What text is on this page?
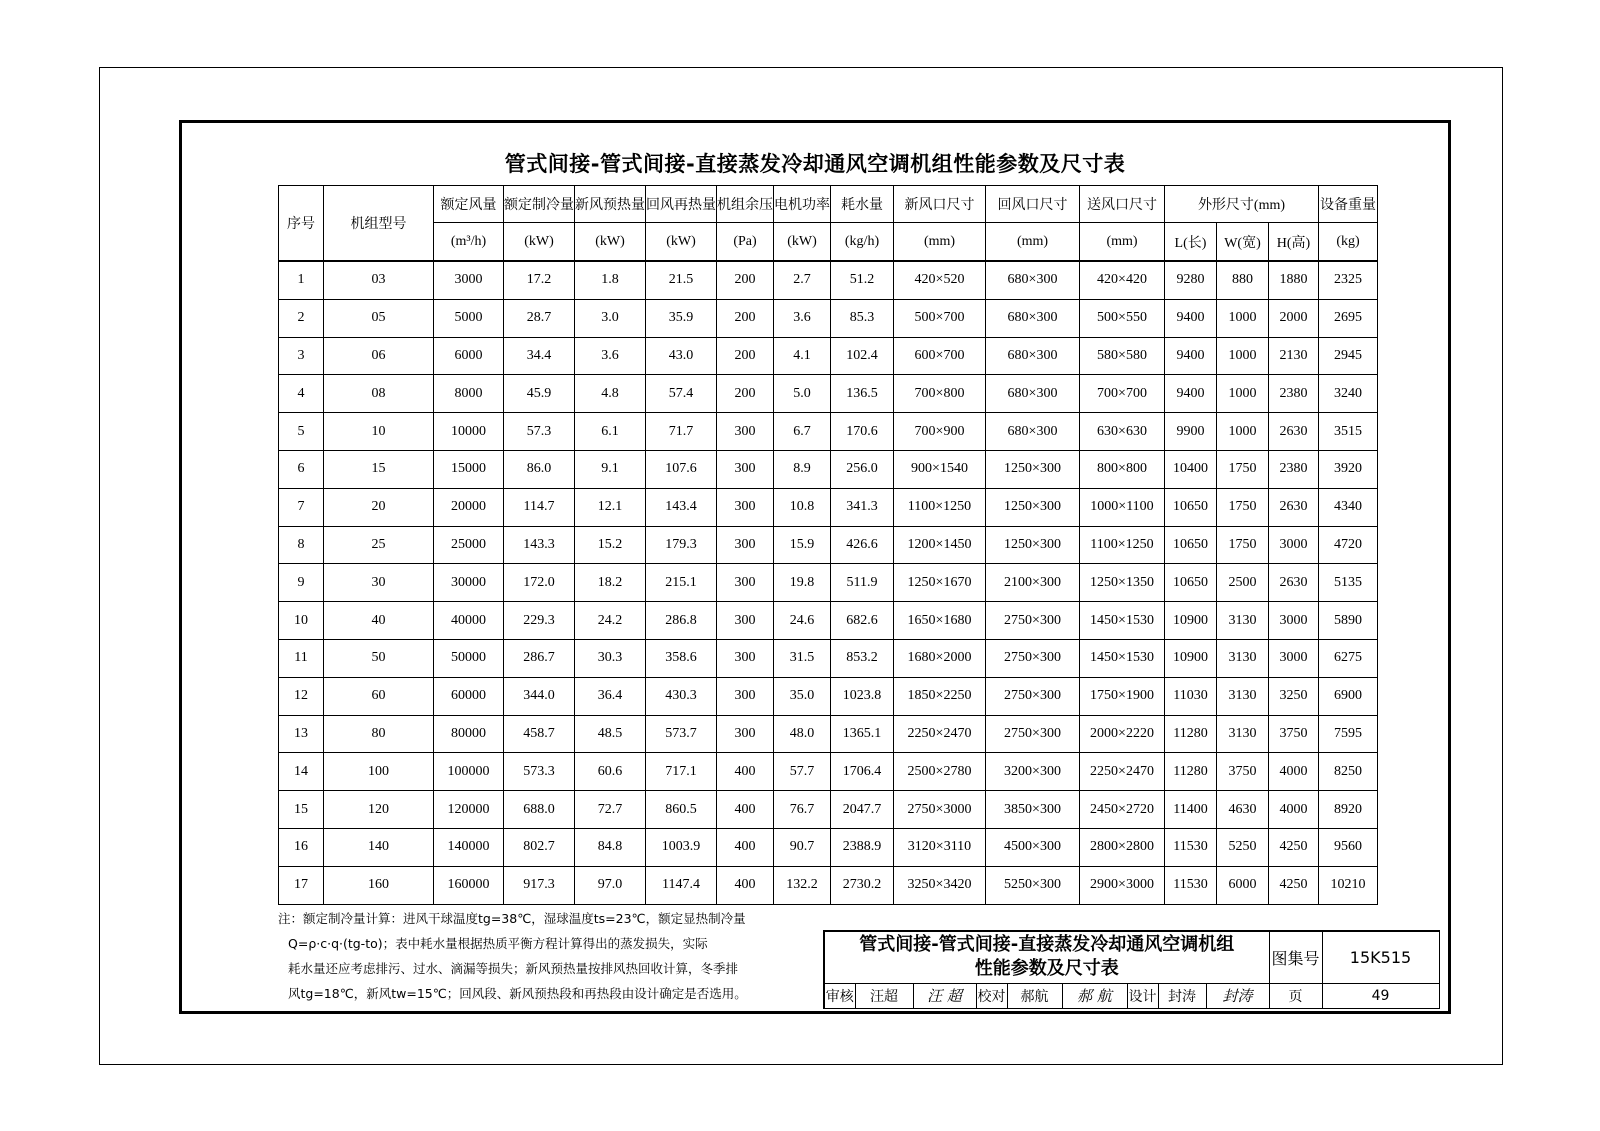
管式间接-管式间接-直接蒸发冷却通风空调机组性能参数及尺寸表
序号	机组型号	额定风量	额定制冷量	新风预热量	回风再热量	机组余压	电机功率	耗水量	新风口尺寸	回风口尺寸	送风口尺寸	外形尺寸(mm)			设备重量
		(m³/h)	(kW)	(kW)	(kW)	(Pa)	(kW)	(kg/h)	(mm)	(mm)	(mm)	L(长)	W(宽)	H(高)	(kg)
1	03	3000	17.2	1.8	21.5	200	2.7	51.2	420×520	680×300	420×420	9280	880	1880	2325
2	05	5000	28.7	3.0	35.9	200	3.6	85.3	500×700	680×300	500×550	9400	1000	2000	2695
3	06	6000	34.4	3.6	43.0	200	4.1	102.4	600×700	680×300	580×580	9400	1000	2130	2945
4	08	8000	45.9	4.8	57.4	200	5.0	136.5	700×800	680×300	700×700	9400	1000	2380	3240
5	10	10000	57.3	6.1	71.7	300	6.7	170.6	700×900	680×300	630×630	9900	1000	2630	3515
6	15	15000	86.0	9.1	107.6	300	8.9	256.0	900×1540	1250×300	800×800	10400	1750	2380	3920
7	20	20000	114.7	12.1	143.4	300	10.8	341.3	1100×1250	1250×300	1000×1100	10650	1750	2630	4340
8	25	25000	143.3	15.2	179.3	300	15.9	426.6	1200×1450	1250×300	1100×1250	10650	1750	3000	4720
9	30	30000	172.0	18.2	215.1	300	19.8	511.9	1250×1670	2100×300	1250×1350	10650	2500	2630	5135
10	40	40000	229.3	24.2	286.8	300	24.6	682.6	1650×1680	2750×300	1450×1530	10900	3130	3000	5890
11	50	50000	286.7	30.3	358.6	300	31.5	853.2	1680×2000	2750×300	1450×1530	10900	3130	3000	6275
12	60	60000	344.0	36.4	430.3	300	35.0	1023.8	1850×2250	2750×300	1750×1900	11030	3130	3250	6900
13	80	80000	458.7	48.5	573.7	300	48.0	1365.1	2250×2470	2750×300	2000×2220	11280	3130	3750	7595
14	100	100000	573.3	60.6	717.1	400	57.7	1706.4	2500×2780	3200×300	2250×2470	11280	3750	4000	8250
15	120	120000	688.0	72.7	860.5	400	76.7	2047.7	2750×3000	3850×300	2450×2720	11400	4630	4000	8920
16	140	140000	802.7	84.8	1003.9	400	90.7	2388.9	3120×3110	4500×300	2800×2800	11530	5250	4250	9560
17	160	160000	917.3	97.0	1147.4	400	132.2	2730.2	3250×3420	5250×300	2900×3000	11530	6000	4250	10210
注：额定制冷量计算：进风干球温度tg=38℃，湿球温度ts=23℃，额定显热制冷量
Q=ρ·c·q·(tg-to)；表中耗水量根据热质平衡方程计算得出的蒸发损失，实际
耗水量还应考虑排污、过水、滴漏等损失；新风预热量按排风热回收计算，冬季排
风tg=18℃，新风tw=15℃；回风段、新风预热段和再热段由设计确定是否选用。
管式间接-管式间接-直接蒸发冷却通风空调机组
性能参数及尺寸表									图集号	15K515
审核	汪超	汪 超	校对	郝航	郝 航	设计	封涛	封涛	页	49
